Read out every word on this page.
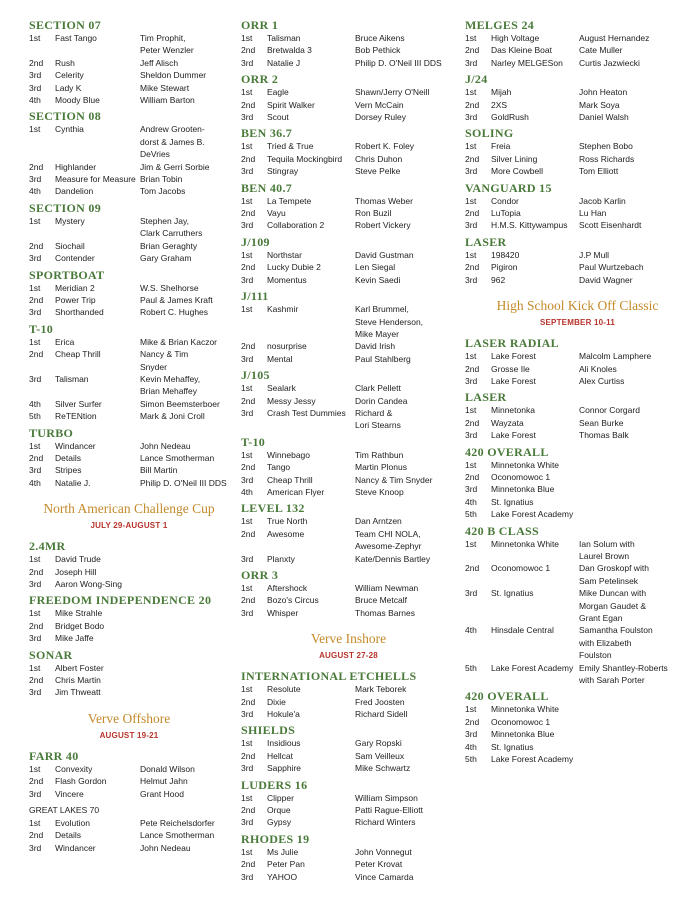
SECTION 07
1st	Fast Tango	Tim Prophit,
Peter Wenzler
2nd	Rush	Jeff Alisch
3rd	Celerity	Sheldon Dummer
3rd	Lady K	Mike Stewart
4th	Moody Blue	William Barton
SECTION 08
1st	Cynthia	Andrew Grooten-
dorst & James B.
DeVries
2nd	Highlander	Jim & Gerri Sorbie
3rd	Measure for Measure Brian Tobin
4th	Dandelion	Tom Jacobs
SECTION 09
1st	Mystery	Stephen Jay,
Clark Carruthers
2nd	Siochail	Brian Geraghty
3rd	Contender	Gary Graham
SPORTBOAT
1st	Meridian 2	W.S. Shelhorse
2nd	Power Trip	Paul & James Kraft
3rd	Shorthanded	Robert C. Hughes
T-10
1st	Erica	Mike & Brian Kaczor
2nd	Cheap Thrill	Nancy & Tim
Snyder
3rd	Talisman	Kevin Mehaffey,
Brian Mehaffey
4th	Silver Surfer	Simon Beemsterboer
5th	ReTENtion	Mark & Joni Croll
TURBO
1st	Windancer	John Nedeau
2nd	Details	Lance Smotherman
3rd	Stripes	Bill Martin
4th	Natalie J.	Philip D. O'Neil III DDS
North American Challenge Cup
JULY 29-AUGUST 1
2.4MR
1st	David Trude
2nd	Joseph Hill
3rd	Aaron Wong-Sing
FREEDOM INDEPENDENCE 20
1st	Mike Strahle
2nd	Bridget Bodo
3rd	Mike Jaffe
SONAR
1st	Albert Foster
2nd	Chris Martin
3rd	Jim Thweatt
Verve Offshore
AUGUST 19-21
FARR 40
1st	Convexity	Donald Wilson
2nd	Flash Gordon	Helmut Jahn
3rd	Vincere	Grant Hood
GREAT LAKES 70
1st	Evolution	Pete Reichelsdorfer
2nd	Details	Lance Smotherman
3rd	Windancer	John Nedeau
ORR 1
1st	Talisman	Bruce Aikens
2nd	Bretwalda 3	Bob Pethick
3rd	Natalie J	Philip D. O'Neil III DDS
ORR 2
1st	Eagle	Shawn/Jerry O'Neill
2nd	Spirit Walker	Vern McCain
3rd	Scout	Dorsey Ruley
BEN 36.7
1st	Tried & True	Robert K. Foley
2nd	Tequila Mockingbird	Chris Duhon
3rd	Stingray	Steve Pelke
BEN 40.7
1st	La Tempete	Thomas Weber
2nd	Vayu	Ron Buzil
3rd	Collaboration 2	Robert Vickery
J/109
1st	Northstar	David Gustman
2nd	Lucky Dubie 2	Len Siegal
3rd	Momentus	Kevin Saedi
J/111
1st	Kashmir	Karl Brummel,
Steve Henderson,
Mike Mayer
2nd	nosurprise	David Irish
3rd	Mental	Paul Stahlberg
J/105
1st	Sealark	Clark Pellett
2nd	Messy Jessy	Dorin Candea
3rd	Crash Test Dummies	Richard &
Lori Stearns
T-10
1st	Winnebago	Tim Rathbun
2nd	Tango	Martin Plonus
3rd	Cheap Thrill	Nancy & Tim Snyder
4th	American Flyer	Steve Knoop
LEVEL 132
1st	True North	Dan Arntzen
2nd	Awesome	Team CHI NOLA,
Awesome-Zephyr
3rd	Planxty	Kate/Dennis Bartley
ORR 3
1st	Aftershock	William Newman
2nd	Bozo's Circus	Bruce Metcalf
3rd	Whisper	Thomas Barnes
Verve Inshore
AUGUST 27-28
INTERNATIONAL ETCHELLS
1st	Resolute	Mark Teborek
2nd	Dixie	Fred Joosten
3rd	Hokule'a	Richard Sidell
SHIELDS
1st	Insidious	Gary Ropski
2nd	Hellcat	Sam Veilleux
3rd	Sapphire	Mike Schwartz
LUDERS 16
1st	Clipper	William Simpson
2nd	Orque	Patti Rague-Elliott
3rd	Gypsy	Richard Winters
RHODES 19
1st	Ms Julie	John Vonnegut
2nd	Peter Pan	Peter Krovat
3rd	YAHOO	Vince Camarda
MELGES 24
1st	High Voltage	August Hernandez
2nd	Das Kleine Boat	Cate Muller
3rd	Narley MELGESon	Curtis Jazwiecki
J/24
1st	Mijah	John Heaton
2nd	2XS	Mark Soya
3rd	GoldRush	Daniel Walsh
SOLING
1st	Freia	Stephen Bobo
2nd	Silver Lining	Ross Richards
3rd	More Cowbell	Tom Elliott
VANGUARD 15
1st	Condor	Jacob Karlin
2nd	LuTopia	Lu Han
3rd	H.M.S. Kittywampus	Scott Eisenhardt
LASER
1st	198420	J.P Mull
2nd	Pigiron	Paul Wurtzebach
3rd	962	David Wagner
High School Kick Off Classic
SEPTEMBER 10-11
LASER RADIAL
1st	Lake Forest	Malcolm Lamphere
2nd	Grosse Ile	Ali Knoles
3rd	Lake Forest	Alex Curtiss
LASER
1st	Minnetonka	Connor Corgard
2nd	Wayzata	Sean Burke
3rd	Lake Forest	Thomas Balk
420 OVERALL
1st	Minnetonka White
2nd	Oconomowoc 1
3rd	Minnetonka Blue
4th	St. Ignatius
5th	Lake Forest Academy
420 B CLASS
1st	Minnetonka White	Ian Solum with
Laurel Brown
2nd	Oconomowoc 1	Dan Groskopf with
Sam Petelinsek
3rd	St. Ignatius	Mike Duncan with
Morgan Gaudet &
Grant Egan
4th	Hinsdale Central	Samantha Foulston
with Elizabeth
Foulston
5th	Lake Forest Academy Emily Shantley-Roberts
with Sarah Porter
420 OVERALL
1st	Minnetonka White
2nd	Oconomowoc 1
3rd	Minnetonka Blue
4th	St. Ignatius
5th	Lake Forest Academy
